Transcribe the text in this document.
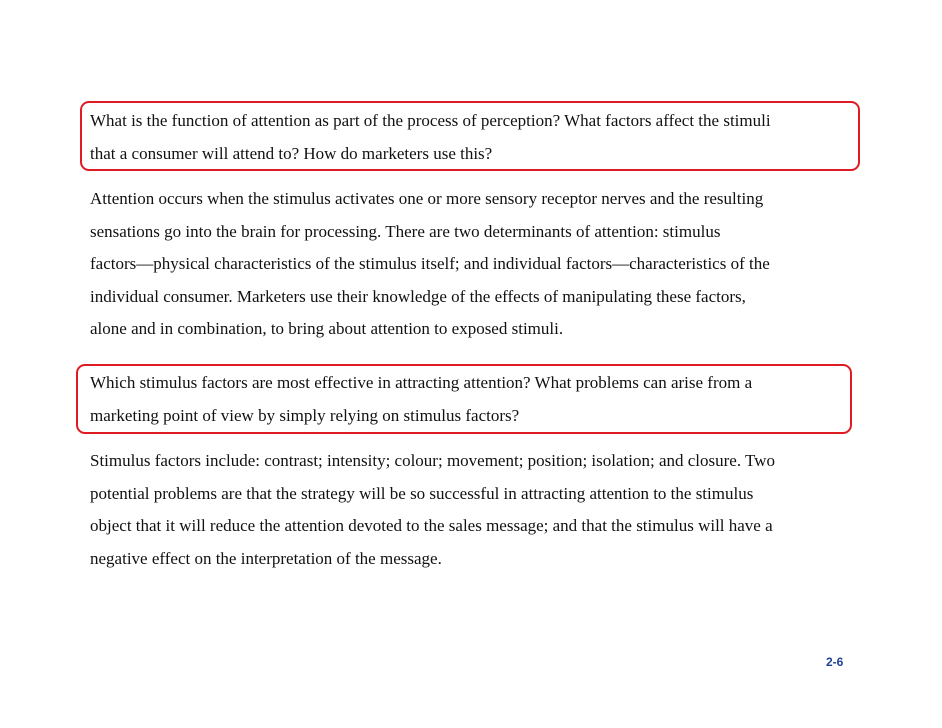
What is the function of attention as part of the process of perception? What factors affect the stimuli
that a consumer will attend to? How do marketers use this?
Attention occurs when the stimulus activates one or more sensory receptor nerves and the resulting
sensations go into the brain for processing. There are two determinants of attention: stimulus
factors—physical characteristics of the stimulus itself; and individual factors—characteristics of the
individual consumer. Marketers use their knowledge of the effects of manipulating these factors,
alone and in combination, to bring about attention to exposed stimuli.
Which stimulus factors are most effective in attracting attention? What problems can arise from a
marketing point of view by simply relying on stimulus factors?
Stimulus factors include: contrast; intensity; colour; movement; position; isolation; and closure. Two
potential problems are that the strategy will be so successful in attracting attention to the stimulus
object that it will reduce the attention devoted to the sales message; and that the stimulus will have a
negative effect on the interpretation of the message.
2-6
